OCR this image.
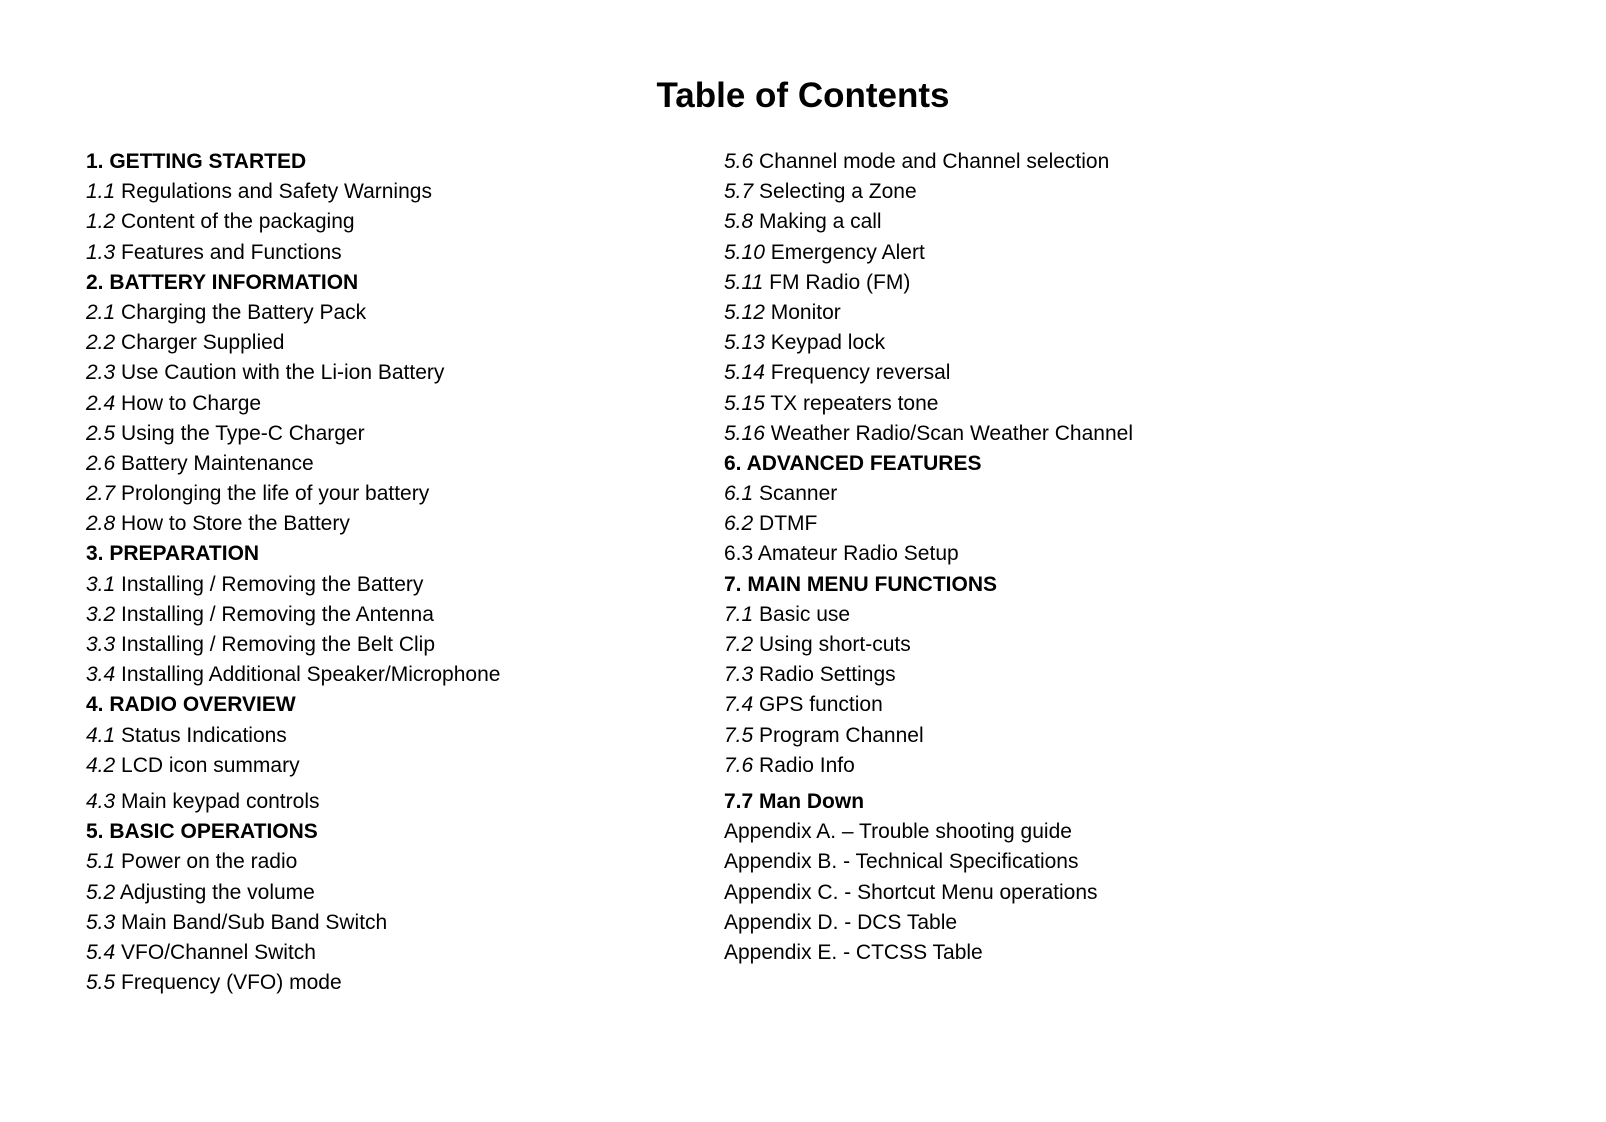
Table of Contents
1. GETTING STARTED
1.1 Regulations and Safety Warnings
1.2 Content of the packaging
1.3 Features and Functions
2. BATTERY INFORMATION
2.1 Charging the Battery Pack
2.2 Charger Supplied
2.3 Use Caution with the Li-ion Battery
2.4 How to Charge
2.5 Using the Type-C Charger
2.6 Battery Maintenance
2.7 Prolonging the life of your battery
2.8 How to Store the Battery
3. PREPARATION
3.1 Installing / Removing the Battery
3.2 Installing / Removing the Antenna
3.3 Installing / Removing the Belt Clip
3.4 Installing Additional Speaker/Microphone
4. RADIO OVERVIEW
4.1 Status Indications
4.2 LCD icon summary
4.3 Main keypad controls
5. BASIC OPERATIONS
5.1 Power on the radio
5.2 Adjusting the volume
5.3 Main Band/Sub Band Switch
5.4 VFO/Channel Switch
5.5 Frequency (VFO) mode
5.6 Channel mode and Channel selection
5.7 Selecting a Zone
5.8 Making a call
5.10 Emergency Alert
5.11 FM Radio (FM)
5.12 Monitor
5.13 Keypad lock
5.14 Frequency reversal
5.15 TX repeaters tone
5.16 Weather Radio/Scan Weather Channel
6. ADVANCED FEATURES
6.1 Scanner
6.2 DTMF
6.3 Amateur Radio Setup
7. MAIN MENU FUNCTIONS
7.1 Basic use
7.2 Using short-cuts
7.3 Radio Settings
7.4 GPS function
7.5 Program Channel
7.6 Radio Info
7.7 Man Down
Appendix A. – Trouble shooting guide
Appendix B. - Technical Specifications
Appendix C. - Shortcut Menu operations
Appendix D. - DCS Table
Appendix E. - CTCSS Table
